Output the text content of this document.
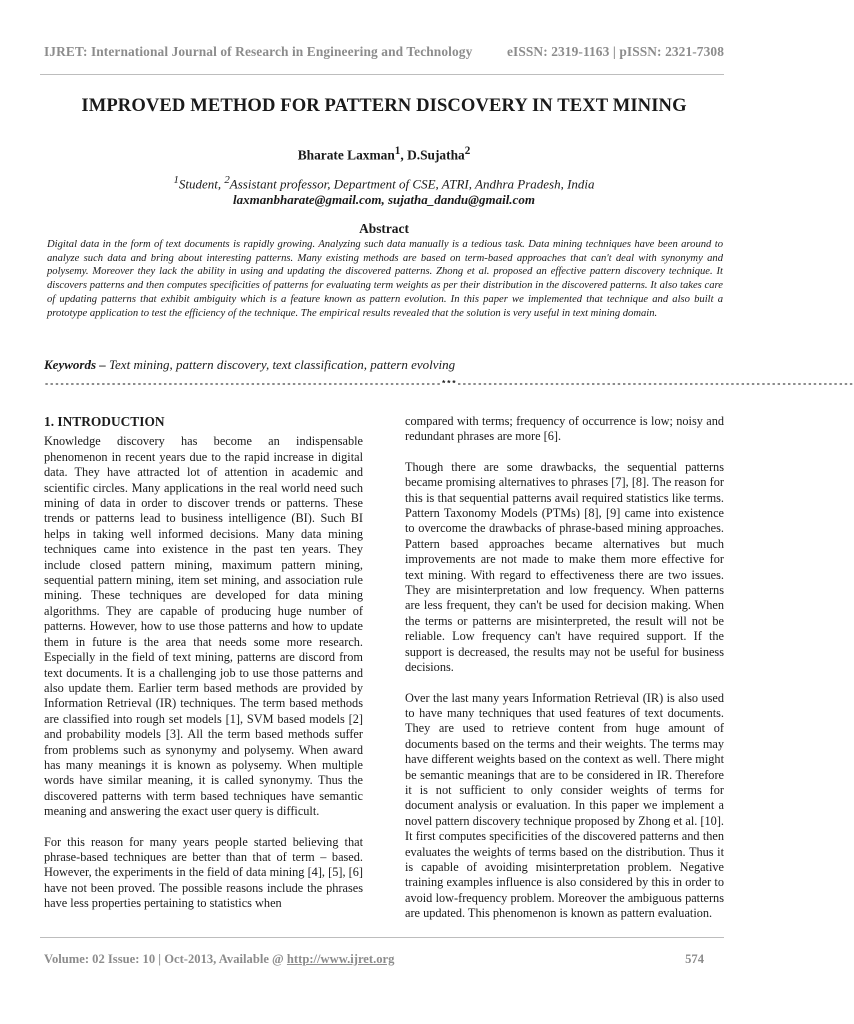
IJRET: International Journal of Research in Engineering and Technology	eISSN: 2319-1163 | pISSN: 2321-7308
IMPROVED METHOD FOR PATTERN DISCOVERY IN TEXT MINING
Bharate Laxman$^1$, D.Sujatha$^2$
$^1$Student, $^2$Assistant professor, Department of CSE, ATRI, Andhra Pradesh, India
laxmanbharate@gmail.com, sujatha_dandu@gmail.com
Abstract

Digital data in the form of text documents is rapidly growing. Analyzing such data manually is a tedious task. Data mining techniques have been around to analyze such data and bring about interesting patterns. Many existing methods are based on term-based approaches that can't deal with synonymy and polysemy. Moreover they lack the ability in using and updating the discovered patterns. Zhong et al. proposed an effective pattern discovery technique. It discovers patterns and then computes specificities of patterns for evaluating term weights as per their distribution in the discovered patterns. It also takes care of updating patterns that exhibit ambiguity which is a feature known as pattern evolution. In this paper we implemented that technique and also built a prototype application to test the efficiency of the technique. The empirical results revealed that the solution is very useful in text mining domain.

Keywords – Text mining, pattern discovery, text classification, pattern evolving
-----------------------------------------------------------------------------***-----------------------------------------------------------------------------
1. INTRODUCTION

Knowledge discovery has become an indispensable phenomenon in recent years due to the rapid increase in digital data. They have attracted lot of attention in academic and scientific circles. Many applications in the real world need such mining of data in order to discover trends or patterns. These trends or patterns lead to business intelligence (BI). Such BI helps in taking well informed decisions. Many data mining techniques came into existence in the past ten years. They include closed pattern mining, maximum pattern mining, sequential pattern mining, item set mining, and association rule mining. These techniques are developed for data mining algorithms. They are capable of producing huge number of patterns. However, how to use those patterns and how to update them in future is the area that needs some more research. Especially in the field of text mining, patterns are discord from text documents. It is a challenging job to use those patterns and also update them. Earlier term based methods are provided by Information Retrieval (IR) techniques. The term based methods are classified into rough set models [1], SVM based models [2] and probability models [3]. All the term based methods suffer from problems such as synonymy and polysemy. When award has many meanings it is known as polysemy. When multiple words have similar meaning, it is called synonymy. Thus the discovered patterns with term based techniques have semantic meaning and answering the exact user query is difficult.

For this reason for many years people started believing that phrase-based techniques are better than that of term – based. However, the experiments in the field of data mining [4], [5], [6] have not been proved. The possible reasons include the phrases have less properties pertaining to statistics when

compared with terms; frequency of occurrence is low; noisy and redundant phrases are more [6].

Though there are some drawbacks, the sequential patterns became promising alternatives to phrases [7], [8]. The reason for this is that sequential patterns avail required statistics like terms. Pattern Taxonomy Models (PTMs) [8], [9] came into existence to overcome the drawbacks of phrase-based mining approaches. Pattern based approaches became alternatives but much improvements are not made to make them more effective for text mining. With regard to effectiveness there are two issues. They are misinterpretation and low frequency. When patterns are less frequent, they can't be used for decision making. When the terms or patterns are misinterpreted, the result will not be reliable. Low frequency can't have required support. If the support is decreased, the results may not be useful for business decisions.

Over the last many years Information Retrieval (IR) is also used to have many techniques that used features of text documents. They are used to retrieve content from huge amount of documents based on the terms and their weights. The terms may have different weights based on the context as well. There might be semantic meanings that are to be considered in IR. Therefore it is not sufficient to only consider weights of terms for document analysis or evaluation. In this paper we implement a novel pattern discovery technique proposed by Zhong et al. [10]. It first computes specificities of the discovered patterns and then evaluates the weights of terms based on the distribution. Thus it is capable of avoiding misinterpretation problem. Negative training examples influence is also considered by this in order to avoid low-frequency problem. Moreover the ambiguous patterns are updated. This phenomenon is known as pattern evaluation.

Volume: 02 Issue: 10 | Oct-2013, Available @ http://www.ijret.org	574
